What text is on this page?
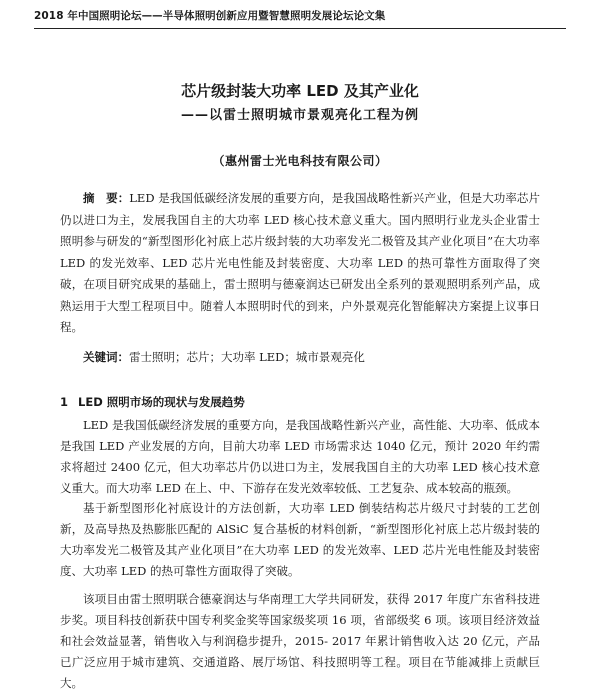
2018 年中国照明论坛——半导体照明创新应用暨智慧照明发展论坛论文集
芯片级封装大功率 LED 及其产业化
——以雷士照明城市景观亮化工程为例
（惠州雷士光电科技有限公司）

摘　要：LED 是我国低碳经济发展的重要方向，是我国战略性新兴产业，但是大功率芯片仍以进口为主，发展我国自主的大功率 LED 核心技术意义重大。国内照明行业龙头企业雷士照明参与研发的“新型图形化衬底上芯片级封装的大功率发光二极管及其产业化项目”在大功率 LED 的发光效率、LED 芯片光电性能及封装密度、大功率 LED 的热可靠性方面取得了突破，在项目研究成果的基础上，雷士照明与德豪润达已研发出全系列的景观照明系列产品，成熟运用于大型工程项目中。随着人本照明时代的到来，户外景观亮化智能解决方案提上议事日程。

关键词：雷士照明；芯片；大功率 LED；城市景观亮化

1 LED 照明市场的现状与发展趋势

LED 是我国低碳经济发展的重要方向，是我国战略性新兴产业，高性能、大功率、低成本是我国 LED 产业发展的方向，目前大功率 LED 市场需求达 1040 亿元，预计 2020 年约需求将超过 2400 亿元，但大功率芯片仍以进口为主，发展我国自主的大功率 LED 核心技术意义重大。而大功率 LED 在上、中、下游存在发光效率较低、工艺复杂、成本较高的瓶颈。

基于新型图形化衬底设计的方法创新，大功率 LED 倒装结构芯片级尺寸封装的工艺创新，及高导热及热膨胀匹配的 AlSiC 复合基板的材料创新，“新型图形化衬底上芯片级封装的大功率发光二极管及其产业化项目”在大功率 LED 的发光效率、LED 芯片光电性能及封装密度、大功率 LED 的热可靠性方面取得了突破。

该项目由雷士照明联合德豪润达与华南理工大学共同研发，获得 2017 年度广东省科技进步奖。项目科技创新获中国专利奖金奖等国家级奖项 16 项，省部级奖 6 项。该项目经济效益和社会效益显著，销售收入与利润稳步提升，2015- 2017 年累计销售收入达 20 亿元，产品已广泛应用于城市建筑、交通道路、展厅场馆、科技照明等工程。项目在节能减排上贡献巨大。
